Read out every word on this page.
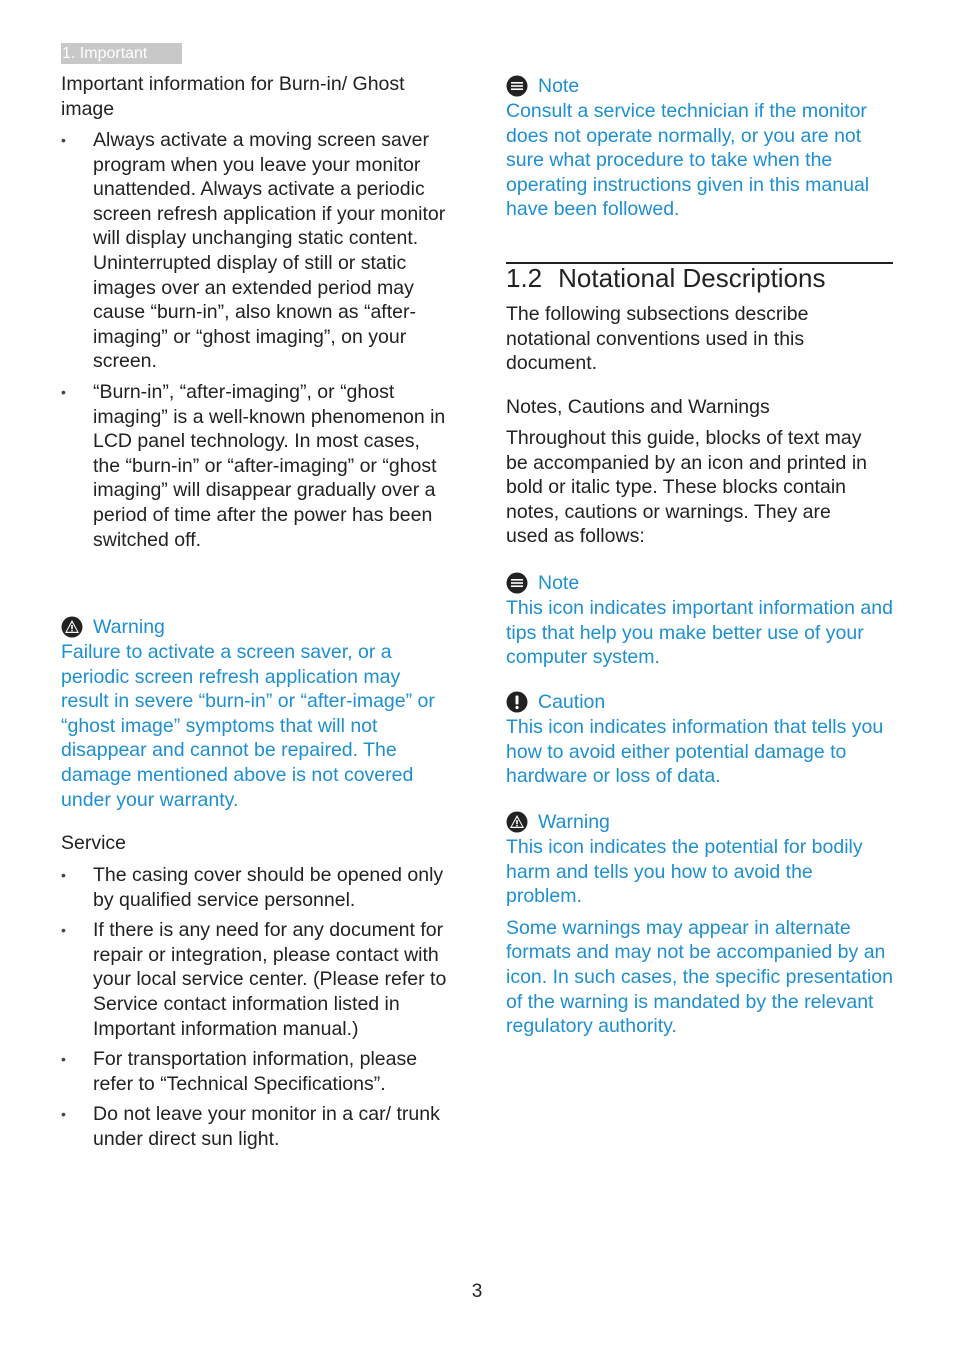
1. Important

Important information for Burn-in/ Ghost image

• Always activate a moving screen saver program when you leave your monitor unattended. Always activate a periodic screen refresh application if your monitor will display unchanging static content. Uninterrupted display of still or static images over an extended period may cause “burn-in”, also known as “after-imaging” or “ghost imaging”, on your screen.
• “Burn-in”, “after-imaging”, or “ghost imaging” is a well-known phenomenon in LCD panel technology. In most cases, the “burn-in” or “after-imaging” or “ghost imaging” will disappear gradually over a period of time after the power has been switched off.
Warning

Failure to activate a screen saver, or a periodic screen refresh application may result in severe “burn-in” or “after-image” or “ghost image” symptoms that will not disappear and cannot be repaired. The damage mentioned above is not covered under your warranty.

Service

• The casing cover should be opened only by qualified service personnel.
• If there is any need for any document for repair or integration, please contact with your local service center. (Please refer to Service contact information listed in Important information manual.)
• For transportation information, please refer to “Technical Specifications”.
• Do not leave your monitor in a car/ trunk under direct sun light.
Note

Consult a service technician if the monitor does not operate normally, or you are not sure what procedure to take when the operating instructions given in this manual have been followed.

1.2 Notational Descriptions

The following subsections describe notational conventions used in this document.

Notes, Cautions and Warnings

Throughout this guide, blocks of text may be accompanied by an icon and printed in bold or italic type. These blocks contain notes, cautions or warnings. They are used as follows:

Note

This icon indicates important information and tips that help you make better use of your computer system.

Caution

This icon indicates information that tells you how to avoid either potential damage to hardware or loss of data.

Warning

This icon indicates the potential for bodily harm and tells you how to avoid the problem.

Some warnings may appear in alternate formats and may not be accompanied by an icon. In such cases, the specific presentation of the warning is mandated by the relevant regulatory authority.

3
